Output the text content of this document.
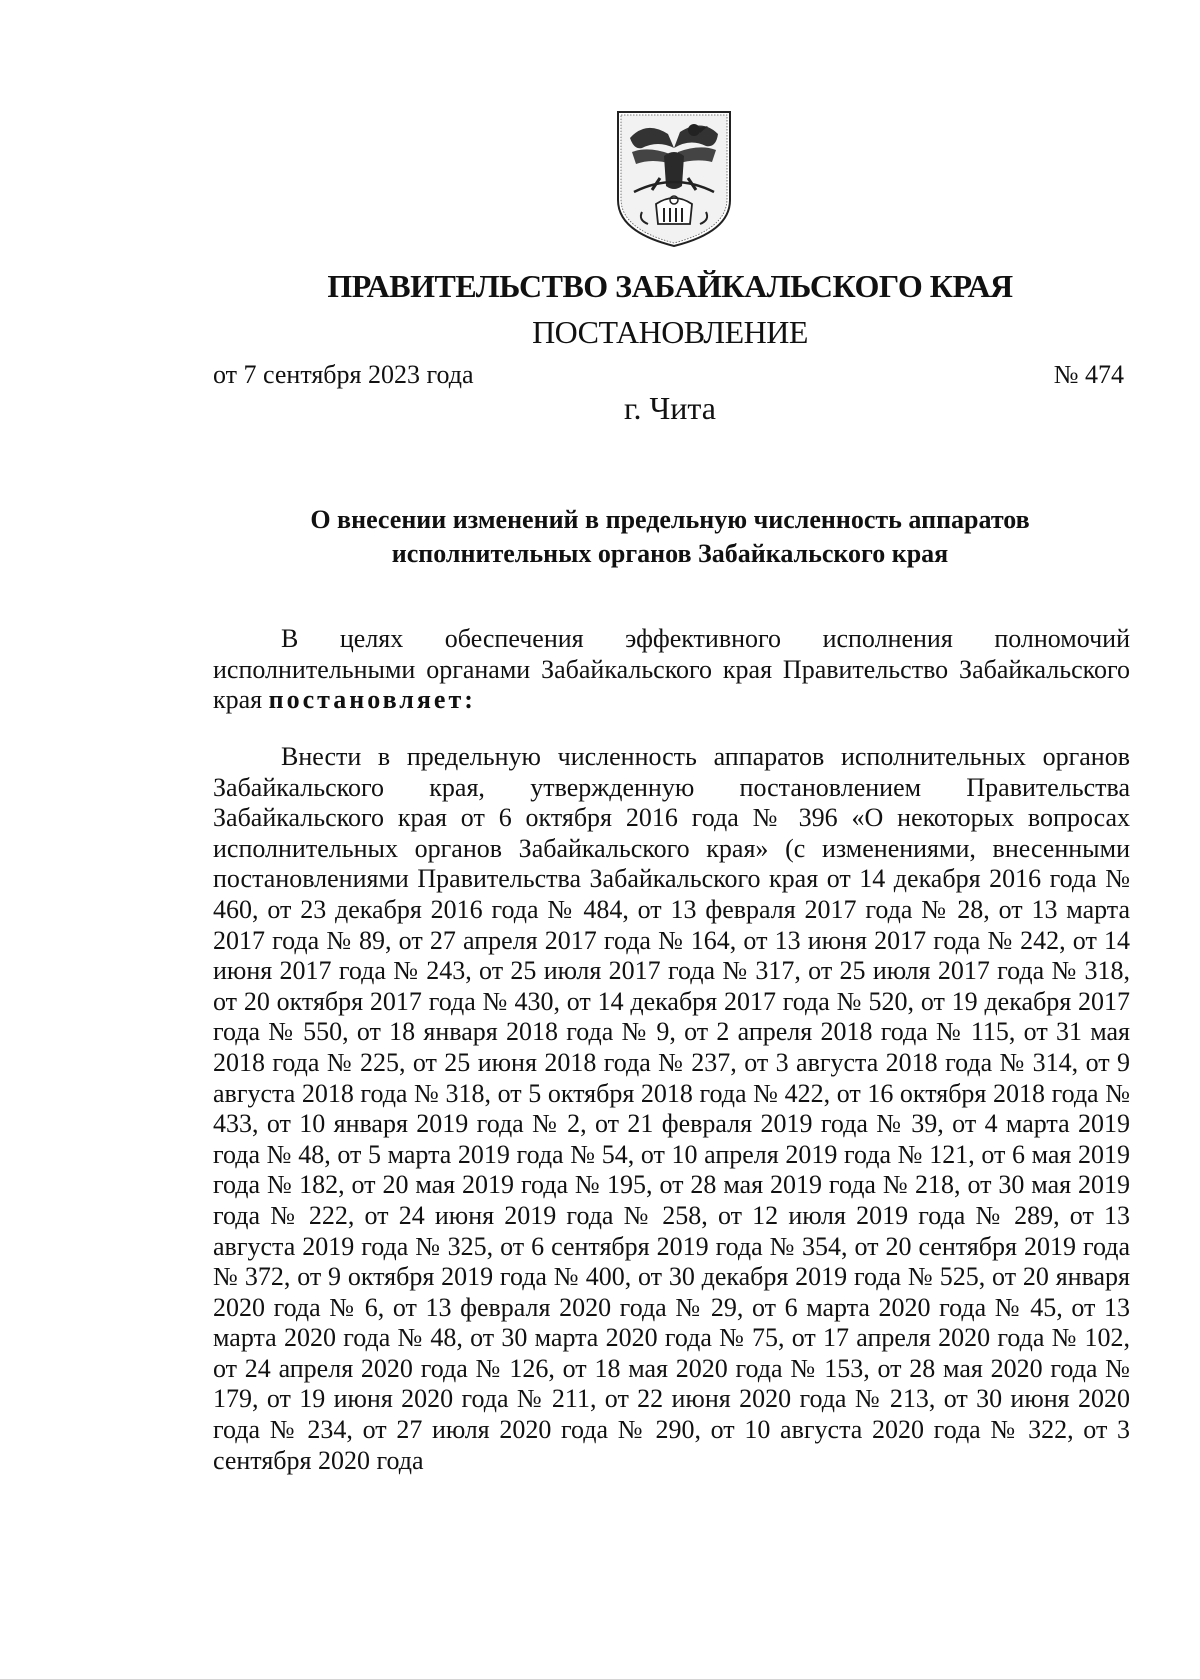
ПРАВИТЕЛЬСТВО ЗАБАЙКАЛЬСКОГО КРАЯ
ПОСТАНОВЛЕНИЕ
от 7 сентября 2023 года	№ 474
г. Чита
О внесении изменений в предельную численность аппаратов
исполнительных органов Забайкальского края
В целях обеспечения эффективного исполнения полномочий исполнительными органами Забайкальского края Правительство Забайкальского края постановляет:
Внести в предельную численность аппаратов исполнительных органов Забайкальского края, утвержденную постановлением Правительства Забайкальского края от 6 октября 2016 года № 396 «О некоторых вопросах исполнительных органов Забайкальского края» (с изменениями, внесенными постановлениями Правительства Забайкальского края от 14 декабря 2016 года № 460, от 23 декабря 2016 года № 484, от 13 февраля 2017 года № 28, от 13 марта 2017 года № 89, от 27 апреля 2017 года № 164, от 13 июня 2017 года № 242, от 14 июня 2017 года № 243, от 25 июля 2017 года № 317, от 25 июля 2017 года № 318, от 20 октября 2017 года № 430, от 14 декабря 2017 года № 520, от 19 декабря 2017 года № 550, от 18 января 2018 года № 9, от 2 апреля 2018 года № 115, от 31 мая 2018 года № 225, от 25 июня 2018 года № 237, от 3 августа 2018 года № 314, от 9 августа 2018 года № 318, от 5 октября 2018 года № 422, от 16 октября 2018 года № 433, от 10 января 2019 года № 2, от 21 февраля 2019 года № 39, от 4 марта 2019 года № 48, от 5 марта 2019 года № 54, от 10 апреля 2019 года № 121, от 6 мая 2019 года № 182, от 20 мая 2019 года № 195, от 28 мая 2019 года № 218, от 30 мая 2019 года № 222, от 24 июня 2019 года № 258, от 12 июля 2019 года № 289, от 13 августа 2019 года № 325, от 6 сентября 2019 года № 354, от 20 сентября 2019 года № 372, от 9 октября 2019 года № 400, от 30 декабря 2019 года № 525, от 20 января 2020 года № 6, от 13 февраля 2020 года № 29, от 6 марта 2020 года № 45, от 13 марта 2020 года № 48, от 30 марта 2020 года № 75, от 17 апреля 2020 года № 102, от 24 апреля 2020 года № 126, от 18 мая 2020 года № 153, от 28 мая 2020 года № 179, от 19 июня 2020 года № 211, от 22 июня 2020 года № 213, от 30 июня 2020 года № 234, от 27 июля 2020 года № 290, от 10 августа 2020 года № 322, от 3 сентября 2020 года
